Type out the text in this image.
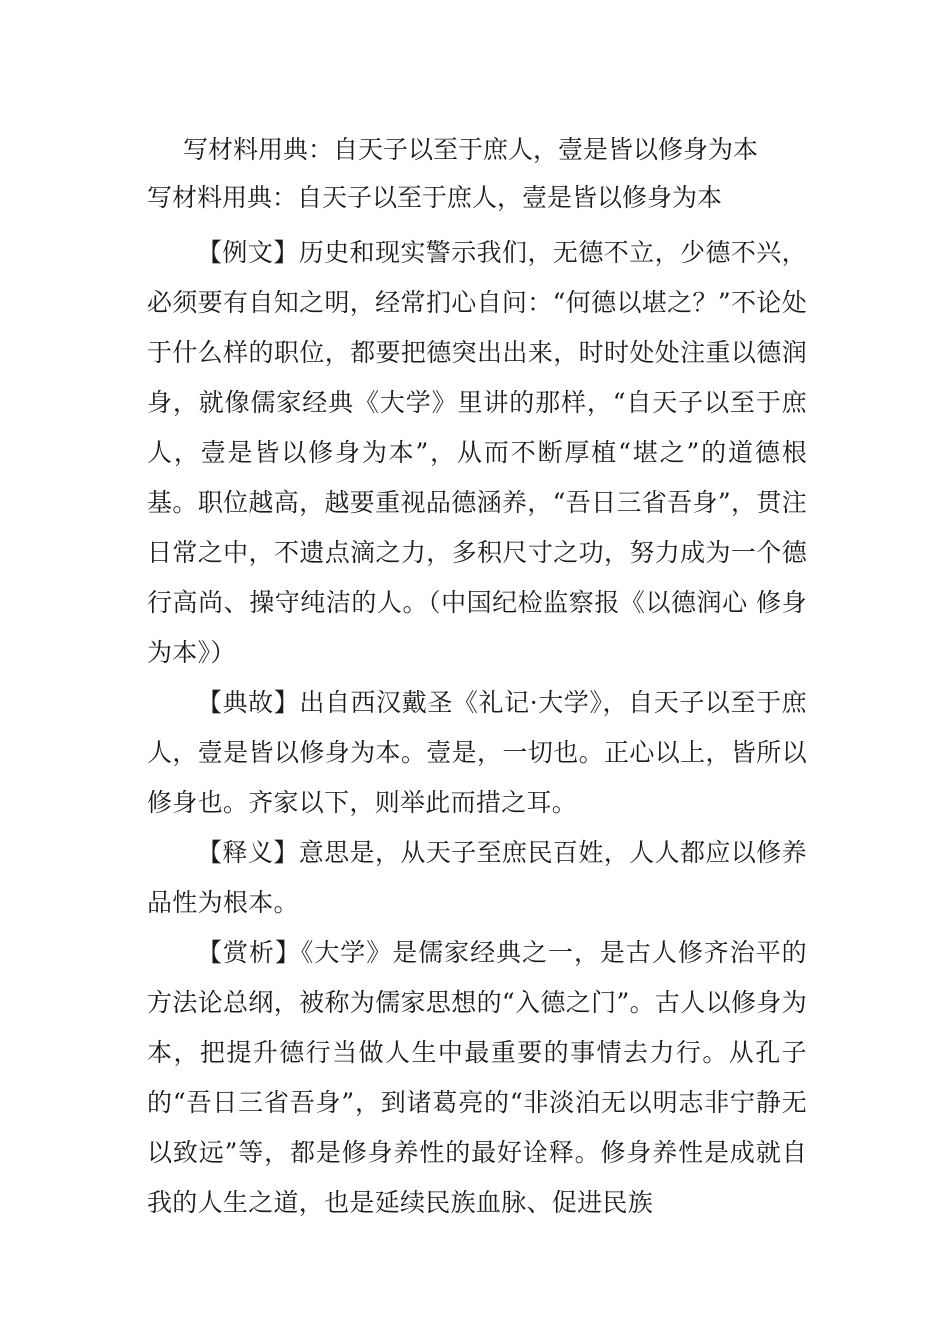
写材料用典：自天子以至于庶人，壹是皆以修身为本
写材料用典：自天子以至于庶人，壹是皆以修身为本

【例文】历史和现实警示我们，无德不立，少德不兴，必须要有自知之明，经常扪心自问：“何德以堪之？”不论处于什么样的职位，都要把德突出出来，时时处处注重以德润身，就像儒家经典《大学》里讲的那样，“自天子以至于庶人，壹是皆以修身为本”，从而不断厚植“堪之”的道德根基。职位越高，越要重视品德涵养，“吾日三省吾身”，贯注日常之中，不遗点滴之力，多积尺寸之功，努力成为一个德行高尚、操守纯洁的人。（中国纪检监察报《以德润心 修身为本》）

【典故】出自西汉戴圣《礼记·大学》，自天子以至于庶人，壹是皆以修身为本。壹是，一切也。正心以上，皆所以修身也。齐家以下，则举此而措之耳。

【释义】意思是，从天子至庶民百姓，人人都应以修养品性为根本。

【赏析】《大学》是儒家经典之一，是古人修齐治平的方法论总纲，被称为儒家思想的“入德之门”。古人以修身为本，把提升德行当做人生中最重要的事情去力行。从孔子的“吾日三省吾身”，到诸葛亮的“非淡泊无以明志非宁静无以致远”等，都是修身养性的最好诠释。修身养性是成就自我的人生之道，也是延续民族血脉、促进民族
